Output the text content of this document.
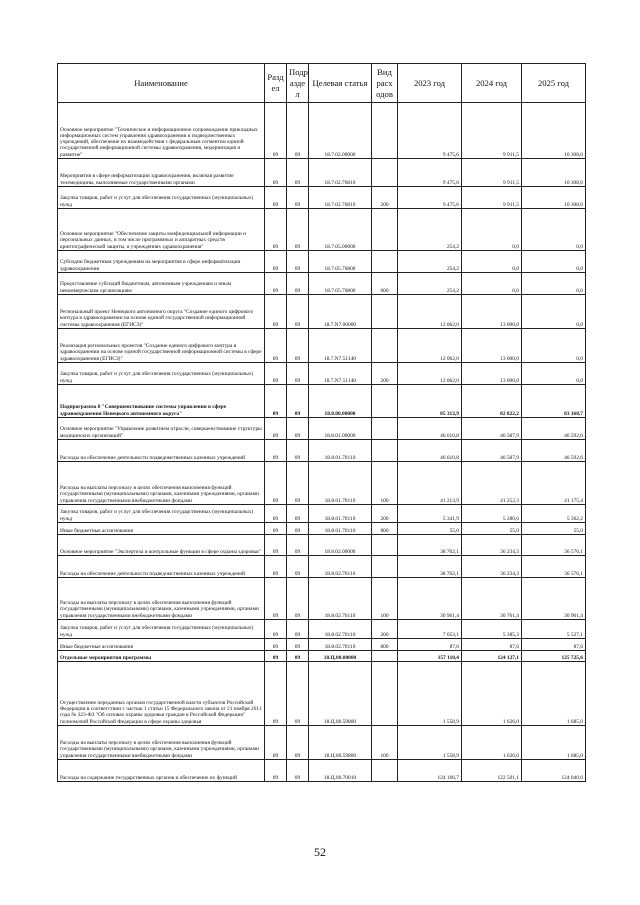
Наименование	Разд ел	Подр азде л	Целевая статья	Вид расх одов	2023 год	2024 год	2025 год
Основное мероприятие "Техническое и информационное сопровождение прикладных информационных систем управления здравоохранения и подведомственных учреждений, обеспечение их взаимодействия с федеральным сегментом единой государственной информационной системы здравоохранения, модернизация и развитие"	09	09	18.7.02.00000		9 475,6	9 911,5	10 308,0
Мероприятия в сфере информатизации здравоохранения, включая развитие телемедицины, выполняемые государственными органами	09	09	18.7.02.76810		9 475,6	9 911,5	10 308,0
Закупка товаров, работ и услуг для обеспечения государственных (муниципальных) нужд	09	09	18.7.02.76810	200	9 475,6	9 911,5	10 308,0
Основное мероприятие "Обеспечение защиты конфиденциальной информации и персональных данных, в том числе программных и аппаратных средств криптографической защиты, в учреждениях здравоохранения"	09	09	18.7.05.00000		254,2	0,0	0,0
Субсидии бюджетным учреждениям на мероприятия в сфере информатизации здравоохранения	09	09	18.7.05.76800		254,2	0,0	0,0
Предоставление субсидий бюджетным, автономным учреждениям и иным некоммерческим организациям	09	09	18.7.05.76800	600	254,2	0,0	0,0
Региональный проект Ненецкого автономного округа "Создание единого цифрового контура в здравоохранении на основе единой государственной информационной системы здравоохранения (ЕГИСЗ)"	09	09	18.7.N7.00000		12 062,0	13 000,0	0,0
Реализация региональных проектов "Создание единого цифрового контура в здравоохранении на основе единой государственной информационной системы в сфере здравоохранения (ЕГИСЗ)"	09	09	18.7.N7.51140		12 062,0	13 000,0	0,0
Закупка товаров, работ и услуг для обеспечения государственных (муниципальных) нужд	09	09	18.7.N7.51140	200	12 062,0	13 000,0	0,0
Подпрограмма 8 "Совершенствование системы управления в сфере здравоохранения Ненецкого автономного округа"	09	09	18.8.00.00000		85 312,9	82 822,2	83 168,7
Основное мероприятие "Управление развитием отрасли, совершенствование структуры медицинских организаций"	09	09	18.8.01.00000		46 610,8	46 587,9	46 592,6
Расходы на обеспечение деятельности подведомственных казенных учреждений	09	09	18.8.01.70110		46 610,8	46 587,9	46 592,6
Расходы на выплаты персоналу в целях обеспечения выполнения функций государственными (муниципальными) органами, казенными учреждениями, органами управления государственными внебюджетными фондами	09	09	18.8.01.70110	100	41 213,9	41 252,3	41 175,4
Закупка товаров, работ и услуг для обеспечения государственных (муниципальных) нужд	09	09	18.8.01.70110	200	5 341,9	5 280,6	5 362,2
Иные бюджетные ассигнования	09	09	18.8.01.70110	800	55,0	55,0	55,0
Основное мероприятие "Экспертиза и контрольные функции в сфере охраны здоровья"	09	09	18.8.02.00000		38 702,1	36 234,3	36 576,1
Расходы на обеспечение деятельности подведомственных казенных учреждений	09	09	18.8.02.70110		38 702,1	36 234,3	36 576,1
Расходы на выплаты персоналу в целях обеспечения выполнения функций государственными (муниципальными) органами, казенными учреждениями, органами управления государственными внебюджетными фондами	09	09	18.8.02.70110	100	30 961,4	30 761,4	30 961,4
Закупка товаров, работ и услуг для обеспечения государственных (муниципальных) нужд	09	09	18.8.02.70110	200	7 653,1	5 385,3	5 527,1
Иные бюджетные ассигнования	09	09	18.8.02.70110	800	87,6	87,6	87,6
Отдельные мероприятия программы	09	09	18.Ц.00.00000		157 110,4	124 127,1	125 725,6
Осуществление переданных органам государственной власти субъектов Российской Федерации в соответствии с частью 1 статьи 15 Федерального закона от 21 ноября 2011 года № 323-ФЗ "Об основах охраны здоровья граждан в Российской Федерации" полномочий Российской Федерации в сфере охраны здоровья	09	09	18.Ц.00.59800		1 558,9	1 626,0	1 685,0
Расходы на выплаты персоналу в целях обеспечения выполнения функций государственными (муниципальными) органами, казенными учреждениями, органами управления государственными внебюджетными фондами	09	09	18.Ц.00.59800	100	1 558,9	1 626,0	1 685,0
Расходы на содержание государственных органов и обеспечение их функций	09	09	18.Ц.00.70010		124 166,7	122 501,1	124 040,6
52
